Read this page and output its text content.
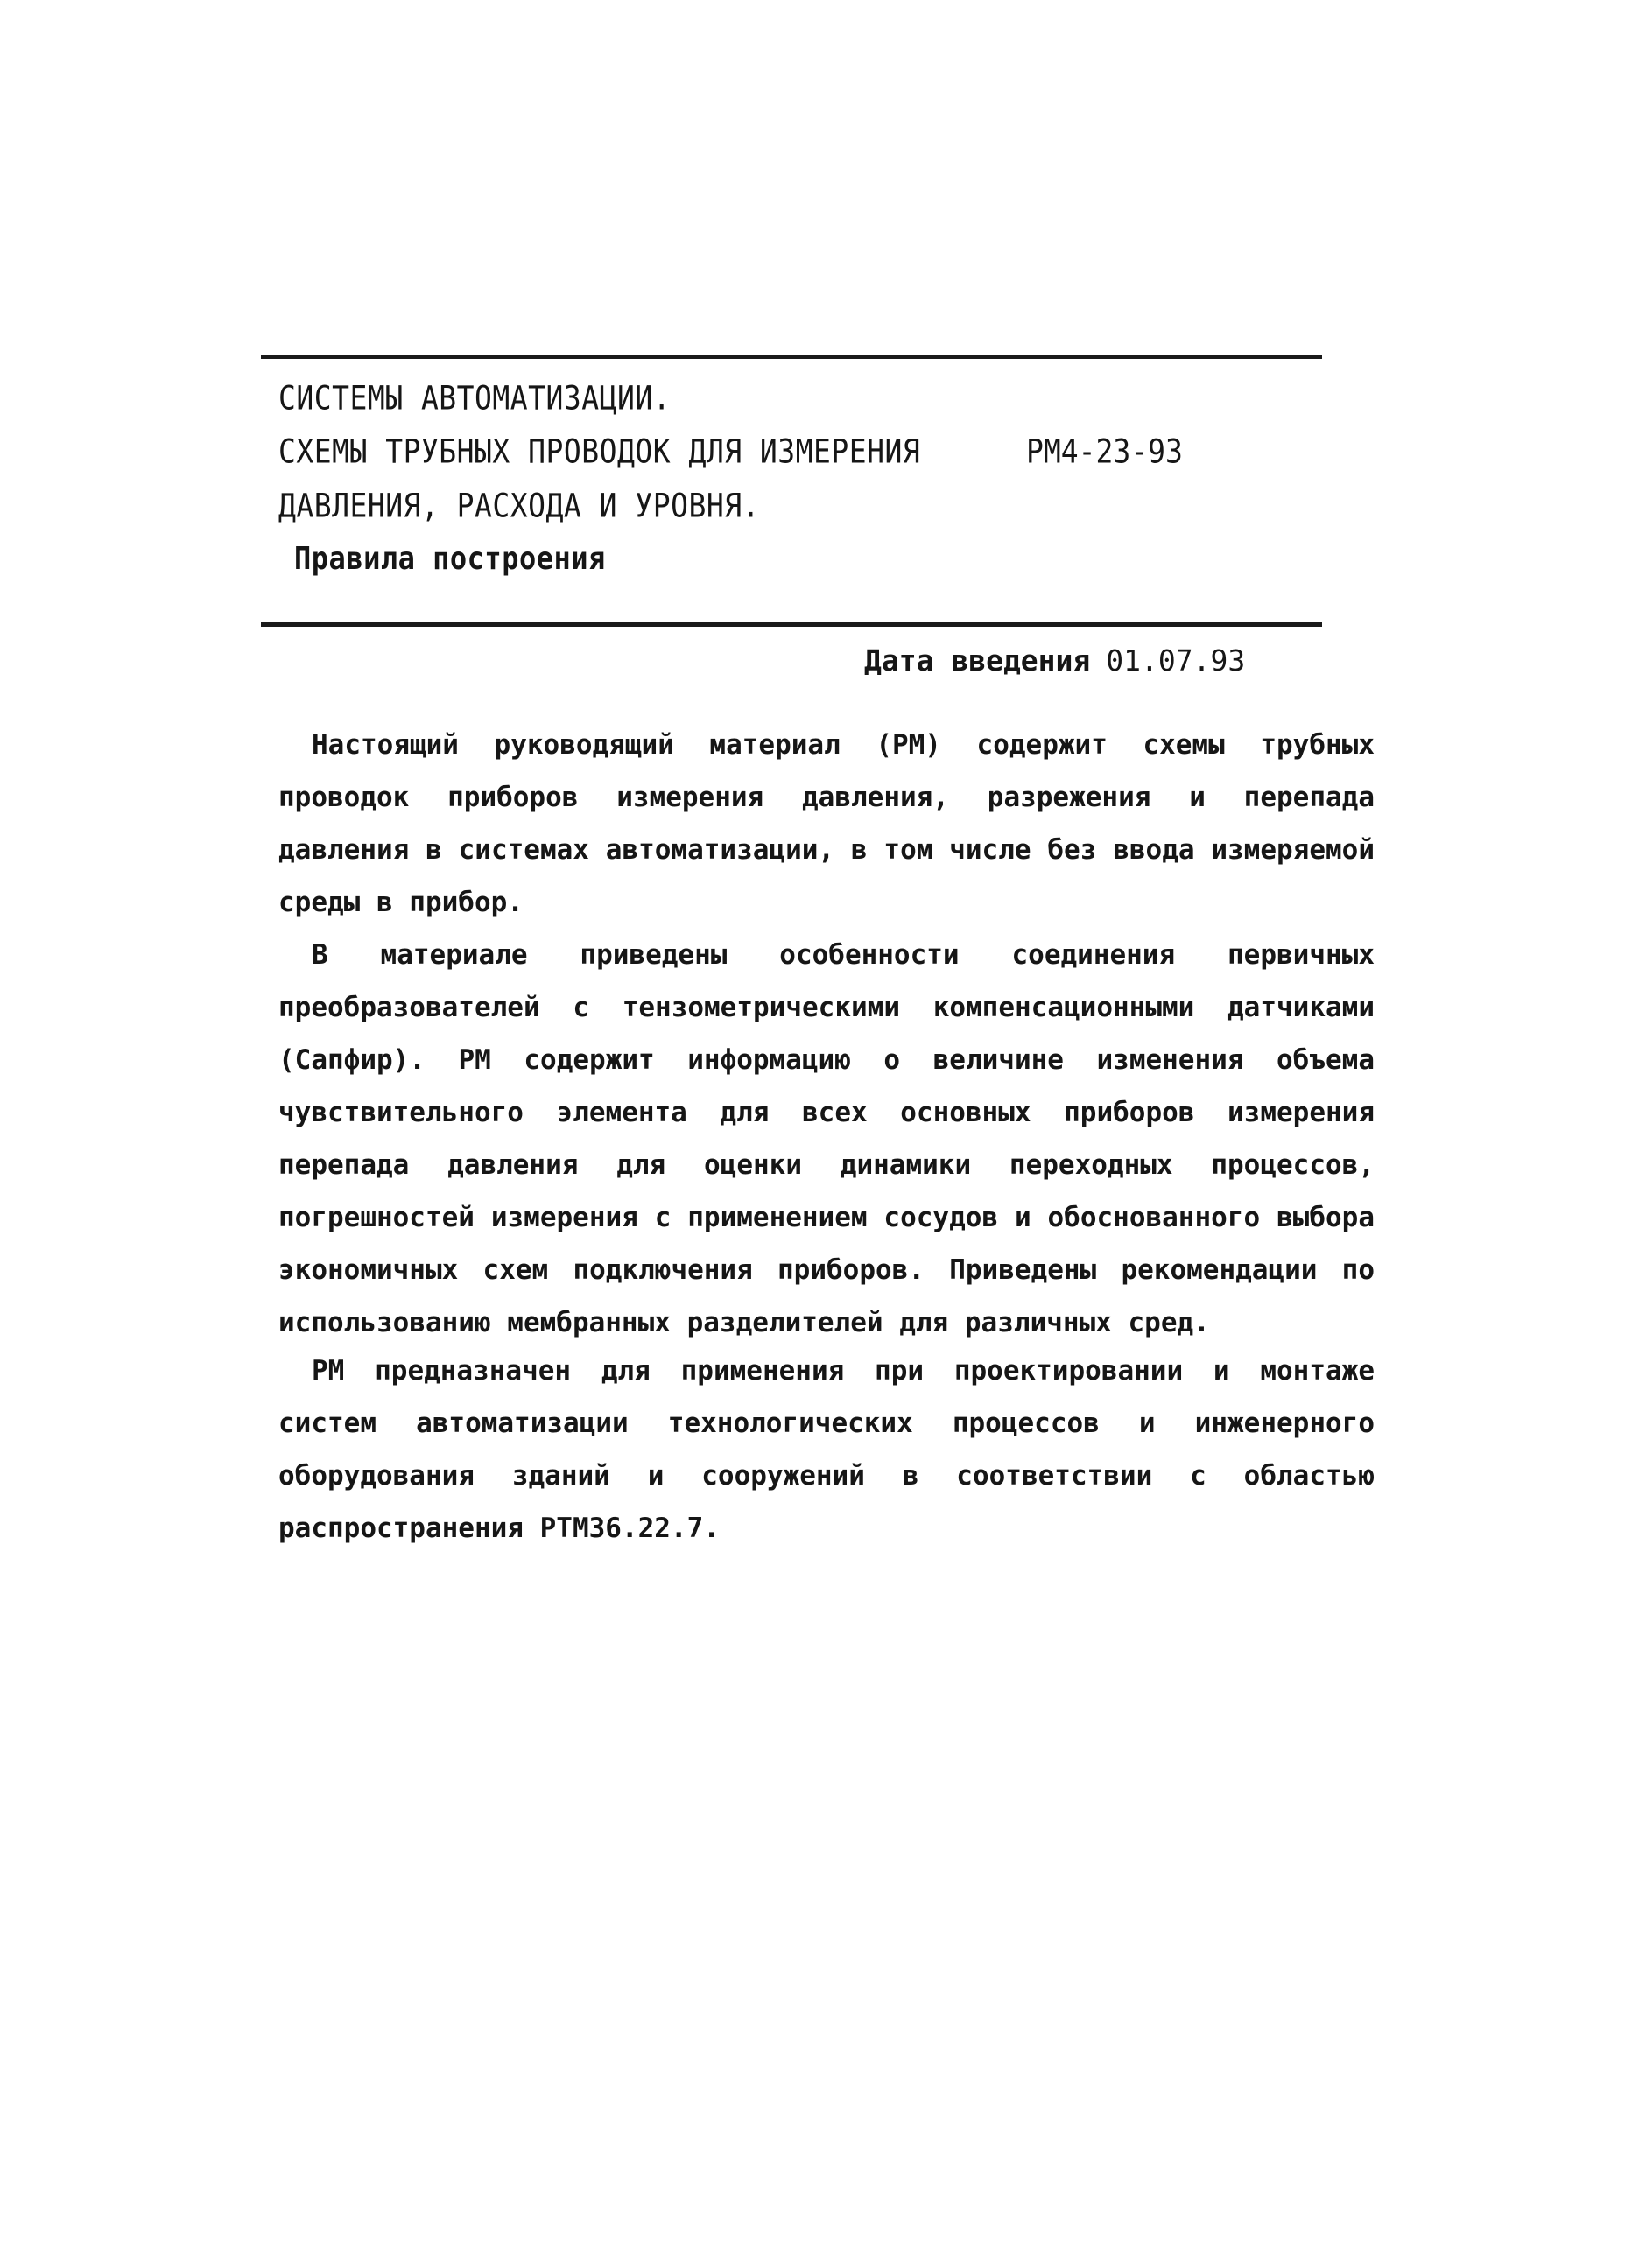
СИСТЕМЫ АВТОМАТИЗАЦИИ.
СХЕМЫ ТРУБНЫХ ПРОВОДОК ДЛЯ ИЗМЕРЕНИЯ	РМ4-23-93
ДАВЛЕНИЯ, РАСХОДА И УРОВНЯ.
Правила построения
Дата введения 01.07.93

Настоящий руководящий материал (РМ) содержит схемы трубных проводок приборов измерения давления, разрежения и перепада давления в системах автоматизации, в том числе без ввода измеряемой среды в прибор.

В материале приведены особенности соединения первичных преобразователей с тензометрическими компенсационными датчиками (Сапфир). РМ содержит информацию о величине изменения объема чувствительного элемента для всех основных приборов измерения перепада давления для оценки динамики переходных процессов, погрешностей измерения с применением сосудов и обоснованного выбора экономичных схем подключения приборов. Приведены рекомендации по использованию мембранных разделителей для различных сред.

РМ предназначен для применения при проектировании и монтаже систем автоматизации технологических процессов и инженерного оборудования зданий и сооружений в соответствии с областью распространения РТМ36.22.7.
